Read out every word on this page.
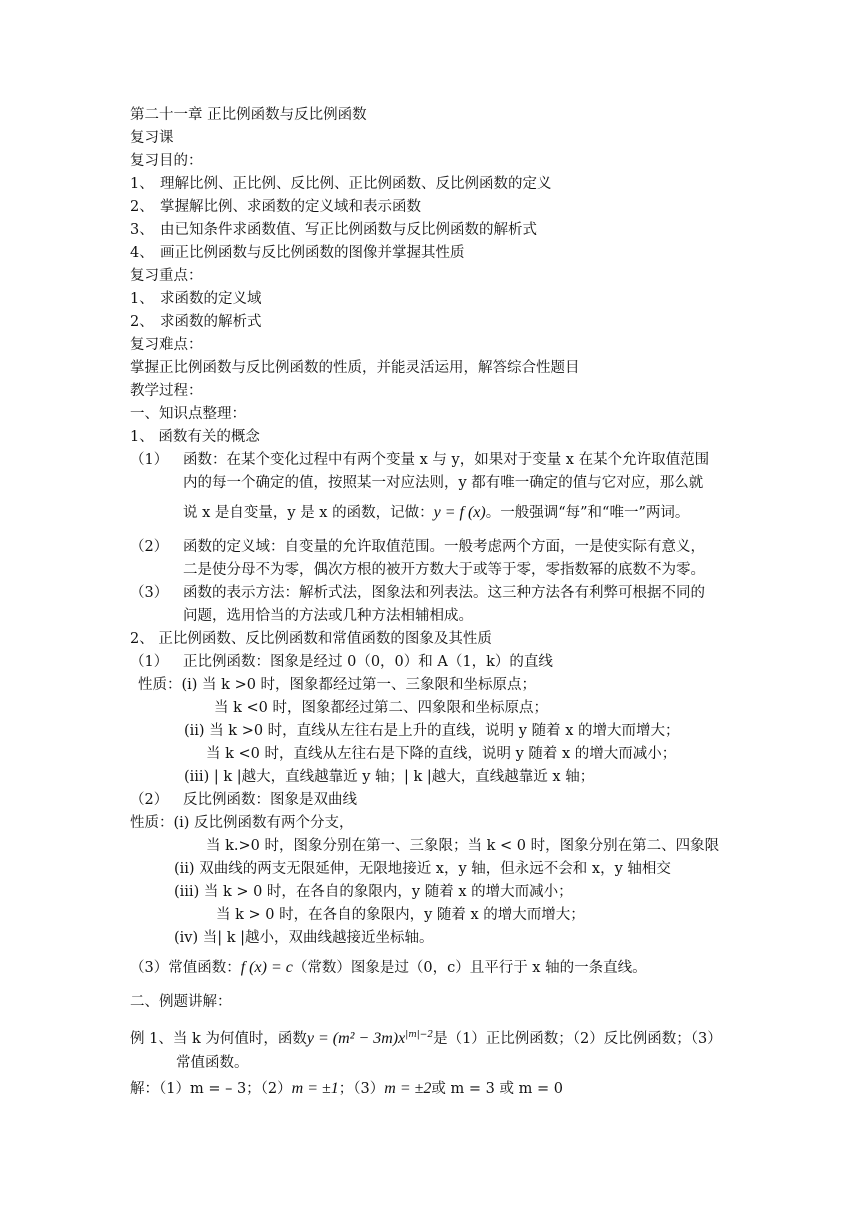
第二十一章 正比例函数与反比例函数
复习课
复习目的：
1、 理解比例、正比例、反比例、正比例函数、反比例函数的定义
2、 掌握解比例、求函数的定义域和表示函数
3、 由已知条件求函数值、写正比例函数与反比例函数的解析式
4、 画正比例函数与反比例函数的图像并掌握其性质
复习重点：
1、 求函数的定义域
2、 求函数的解析式
复习难点：
掌握正比例函数与反比例函数的性质，并能灵活运用，解答综合性题目
教学过程：
一、知识点整理：
1、 函数有关的概念
（1） 函数：在某个变化过程中有两个变量 x 与 y，如果对于变量 x 在某个允许取值范围
内的每一个确定的值，按照某一对应法则，y 都有唯一确定的值与它对应，那么就
说 x 是自变量，y 是 x 的函数，记做：y = f (x)。一般强调“每”和“唯一”两词。
（2） 函数的定义域：自变量的允许取值范围。一般考虑两个方面，一是使实际有意义，
二是使分母不为零，偶次方根的被开方数大于或等于零，零指数幂的底数不为零。
（3） 函数的表示方法：解析式法，图象法和列表法。这三种方法各有利弊可根据不同的
问题，选用恰当的方法或几种方法相辅相成。
2、 正比例函数、反比例函数和常值函数的图象及其性质
（1） 正比例函数：图象是经过 0（0，0）和 A（1，k）的直线
性质：(ⅰ) 当 k >0 时，图象都经过第一、三象限和坐标原点；
当 k <0 时，图象都经过第二、四象限和坐标原点；
(ⅱ) 当 k >0 时，直线从左往右是上升的直线，说明 y 随着 x 的增大而增大；
当 k <0 时，直线从左往右是下降的直线，说明 y 随着 x 的增大而减小；
(ⅲ) | k |越大，直线越靠近 y 轴；| k |越大，直线越靠近 x 轴；
（2） 反比例函数：图象是双曲线
性质：(ⅰ) 反比例函数有两个分支，
当 k.>0 时，图象分别在第一、三象限；当 k < 0 时，图象分别在第二、四象限
(ⅱ) 双曲线的两支无限延伸，无限地接近 x，y 轴，但永远不会和 x，y 轴相交
(ⅲ) 当 k > 0 时，在各自的象限内，y 随着 x 的增大而减小；
当 k > 0 时，在各自的象限内，y 随着 x 的增大而增大；
(ⅳ) 当| k |越小，双曲线越接近坐标轴。
（3）常值函数：f (x) = c（常数）图象是过（0，c）且平行于 x 轴的一条直线。
二、例题讲解：
例 1、当 k 为何值时，函数$y = (m^2 - 3m)x^{|m|-2}$是（1）正比例函数；（2）反比例函数；（3）
常值函数。
解：（1）m = – 3；（2）m = ±1；（3）m = ±2或 m = 3 或 m = 0
